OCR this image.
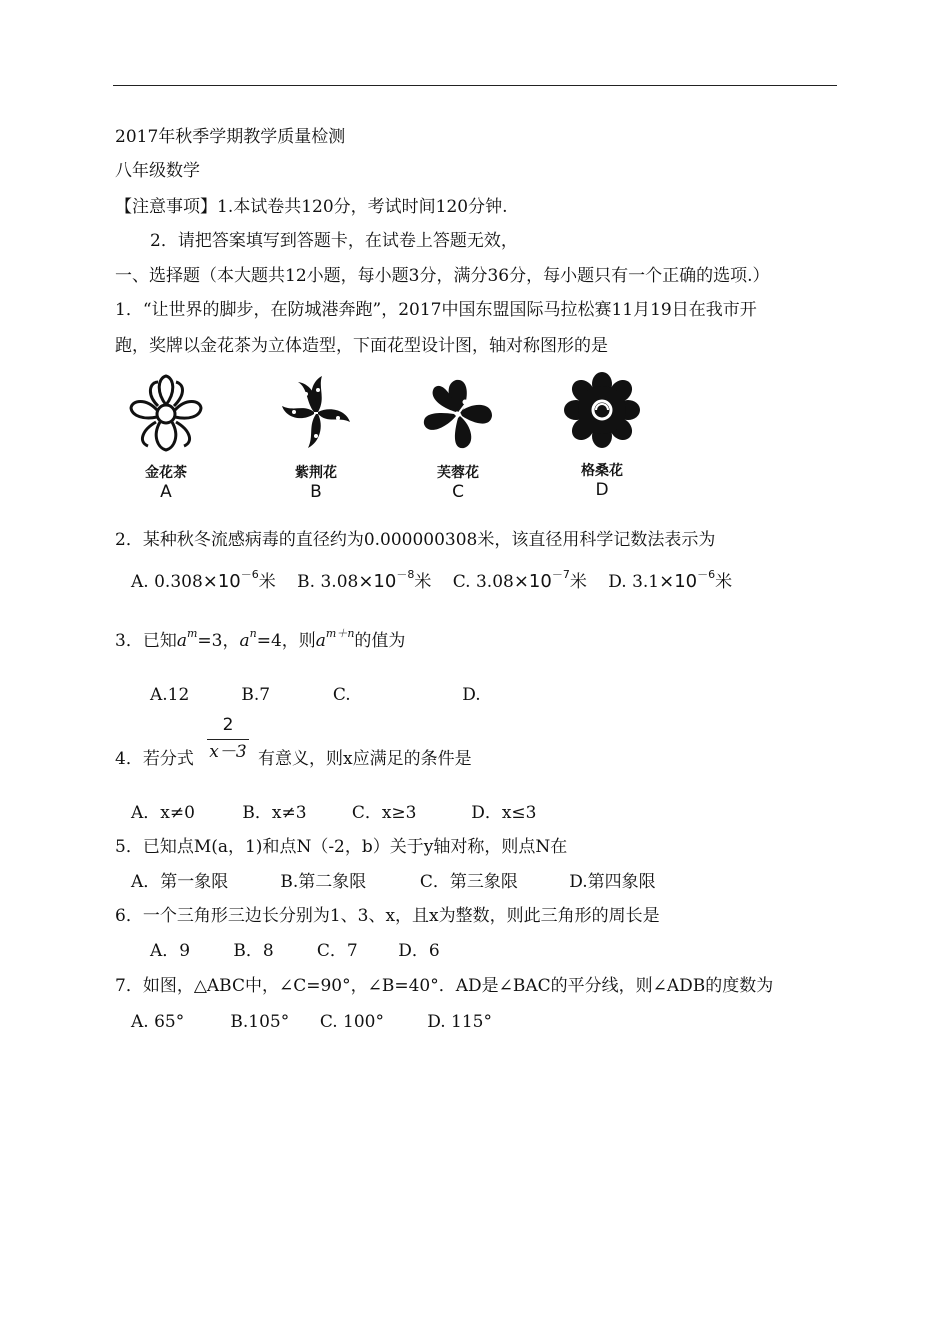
2017年秋季学期教学质量检测
八年级数学
【注意事项】1.本试卷共120分，考试时间120分钟.
2．请把答案填写到答题卡，在试卷上答题无效，
一、选择题（本大题共12小题，每小题3分，满分36分，每小题只有一个正确的选项.）
1．“让世界的脚步，在防城港奔跑”，2017中国东盟国际马拉松赛11月19日在我市开
跑，奖牌以金花茶为立体造型，下面花型设计图，轴对称图形的是
金花茶
A
紫荆花
B
芙蓉花
C
格桑花
D
2．某种秋冬流感病毒的直径约为0.000000308米，该直径用科学记数法表示为
A. $0.308\times 10^{-6}$米 B. $3.08\times 10^{-8}$米 C. $3.08\times 10^{-7}$米 D. $3.1\times 10^{-6}$米
3．已知$a^m=3$，$a^n=4$，则$a^{m+n}$的值为
A.12	B.7	C.	D.
2
x－3
4．若分式	有意义，则x应满足的条件是
A．x≠0	B．x≠3	C．x≥3	D．x≤3
5．已知点M(a，1)和点N（-2，b）关于y轴对称，则点N在
A．第一象限	B.第二象限	C．第三象限	D.第四象限
6．一个三角形三边长分别为1、3、x，且x为整数，则此三角形的周长是
A．9	B．8	C．7 D．6
7．如图，△ABC中，∠C=90°，∠B=40°．AD是∠BAC的平分线，则∠ADB的度数为
A. 65°	B.105° C. 100°	D. 115°
